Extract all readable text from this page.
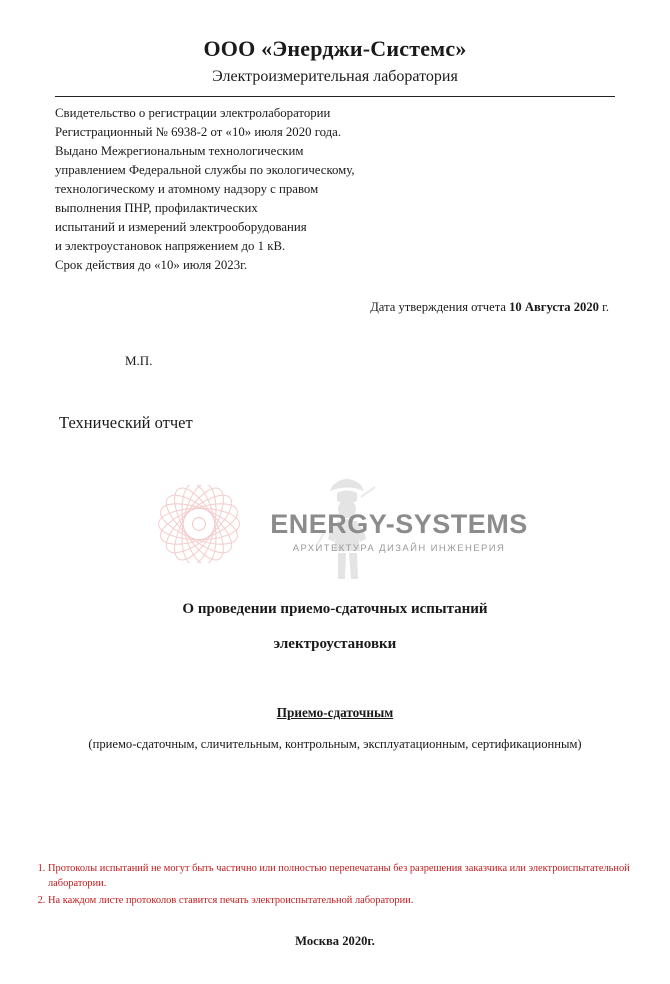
ООО «Энерджи-Системс»
Электроизмерительная лаборатория
Свидетельство о регистрации электролаборатории
Регистрационный № 6938-2 от «10» июля 2020 года.
Выдано Межрегиональным технологическим
управлением Федеральной службы по экологическому,
технологическому и атомному надзору с правом
выполнения ПНР, профилактических
испытаний и измерений электрооборудования
и электроустановок напряжением до 1 кВ.
Срок действия до «10» июля 2023г.
Дата утверждения отчета 10 Августа 2020 г.
М.П.
Технический отчет
ENERGY-SYSTEMS
АРХИТЕКТУРА ДИЗАЙН ИНЖЕНЕРИЯ
О проведении приемо-сдаточных испытаний
электроустановки
Приемо-сдаточным
(приемо-сдаточным, сличительным, контрольным, эксплуатационным, сертификационным)
1. Протоколы испытаний не могут быть частично или полностью перепечатаны без разрешения заказчика или электроиспытательной лаборатории.
2. На каждом листе протоколов ставится печать электроиспытательной лаборатории.
Москва 2020г.
